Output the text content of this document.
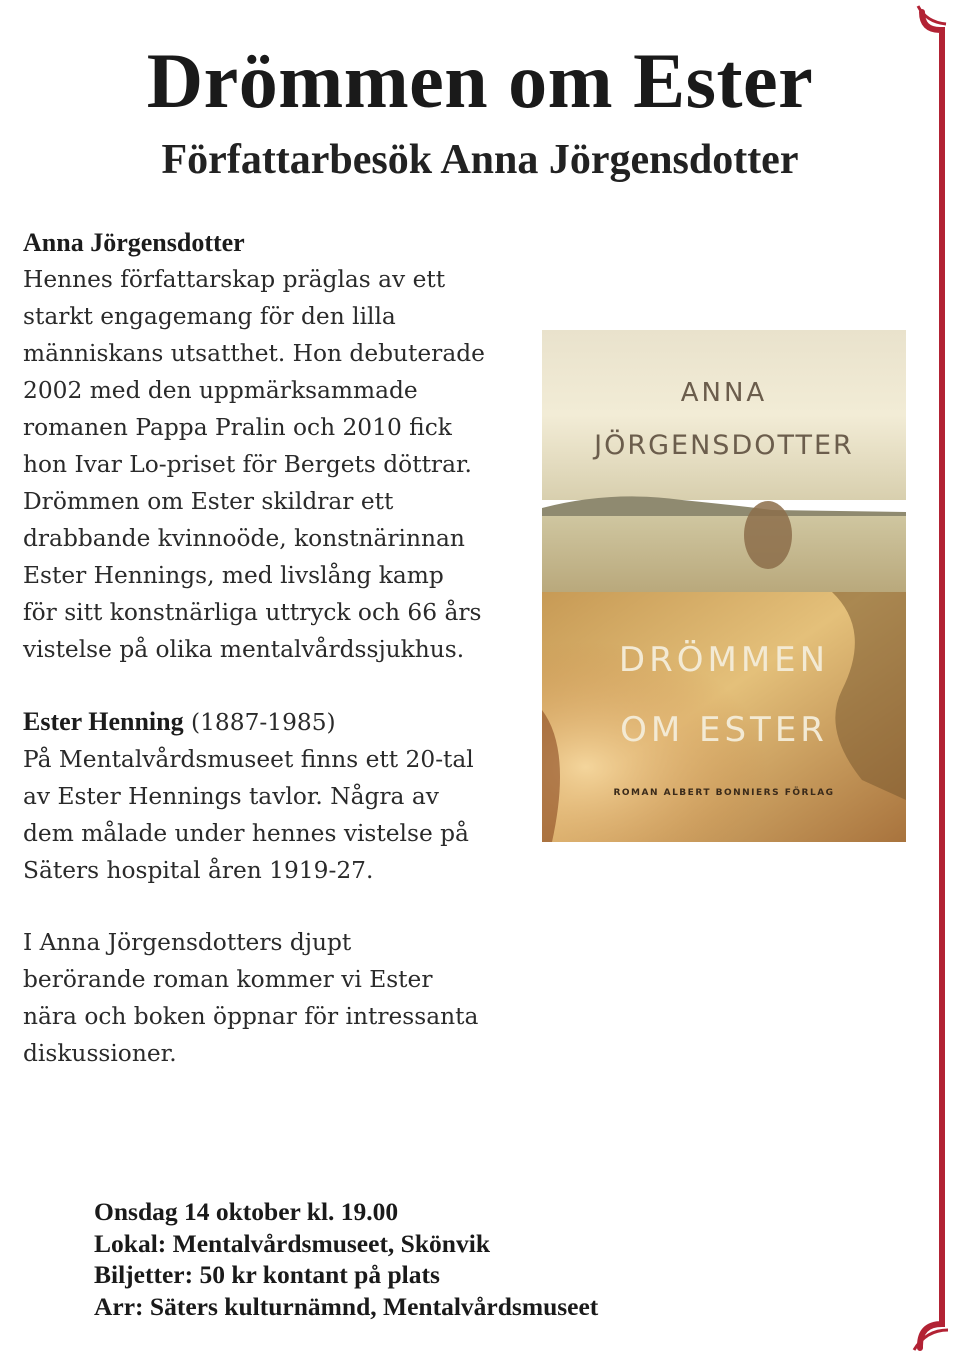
Drömmen om Ester
Författarbesök Anna Jörgensdotter

Anna Jörgensdotter

Hennes författarskap präglas av ett

starkt engagemang för den lilla

människans utsatthet. Hon debuterade

2002 med den uppmärksammade

romanen Pappa Pralin och 2010 fick

hon Ivar Lo-priset för Bergets döttrar.

Drömmen om Ester skildrar ett

drabbande kvinnoöde, konstnärinnan

Ester Hennings, med livslång kamp

för sitt konstnärliga uttryck och 66 års

vistelse på olika mentalvårdssjukhus.

Ester Henning (1887-1985)

På Mentalvårdsmuseet finns ett 20-tal

av Ester Hennings tavlor. Några av

dem målade under hennes vistelse på

Säters hospital åren 1919-27.

I Anna Jörgensdotters djupt

berörande roman kommer vi Ester

nära och boken öppnar för intressanta

diskussioner.

ANNA
JÖRGENSDOTTER
DRÖMMEN
OM ESTER
ROMAN ALBERT BONNIERS FÖRLAG
Onsdag 14 oktober kl. 19.00
Lokal: Mentalvårdsmuseet, Skönvik
Biljetter: 50 kr kontant på plats
Arr: Säters kulturnämnd, Mentalvårdsmuseet
